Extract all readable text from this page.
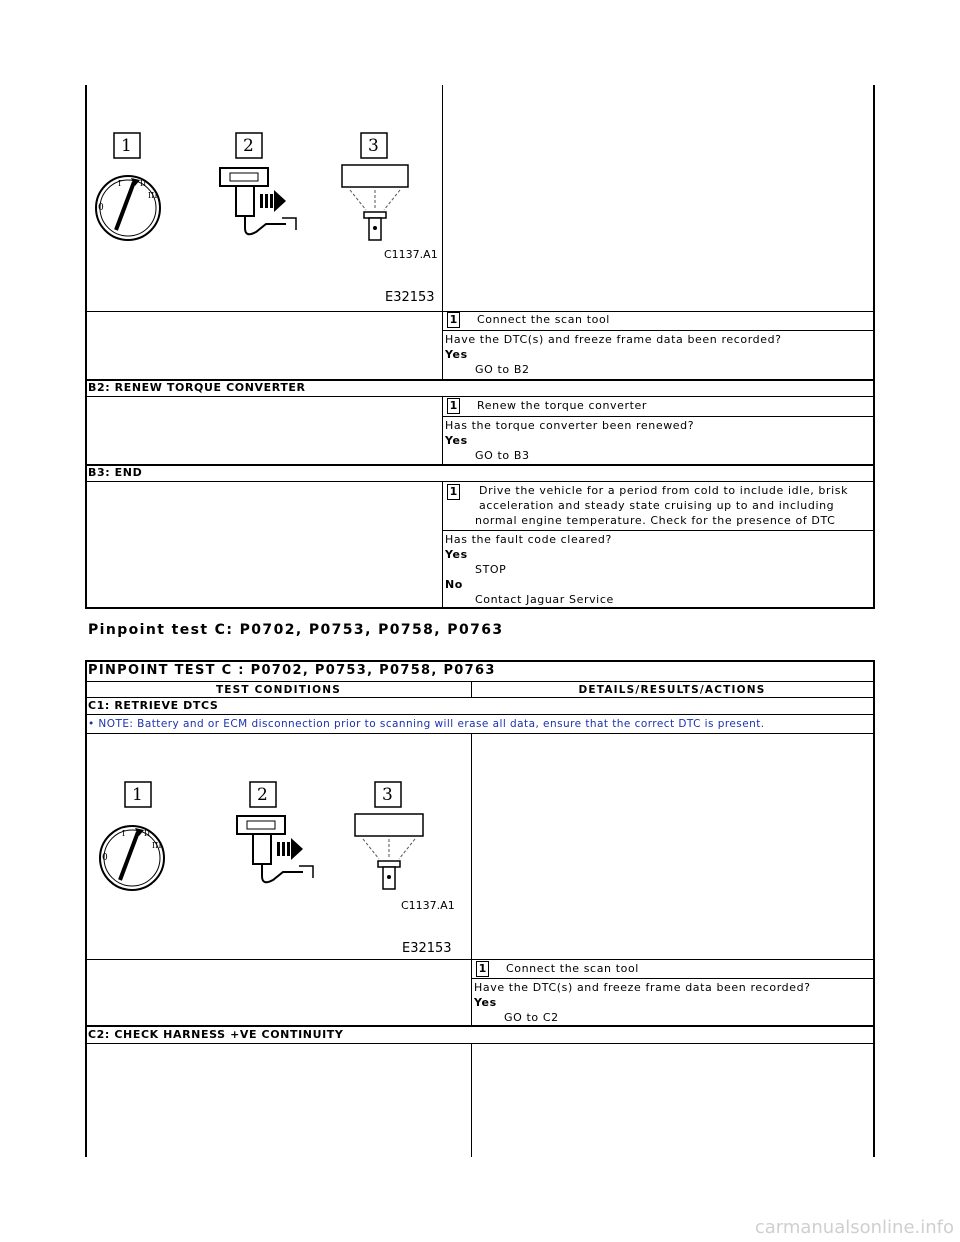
0
I II
III
1	2	3
C1137.A1
E32153
1 Connect the scan tool
Have the DTC(s) and freeze frame data been recorded?
Yes
GO to B2
B2: RENEW TORQUE CONVERTER
1 Renew the torque converter
Has the torque converter been renewed?
Yes
GO to B3
B3: END
1 Drive the vehicle for a period from cold to include idle, brisk
acceleration and steady state cruising up to and including
normal engine temperature. Check for the presence of DTC
Has the fault code cleared?
Yes
STOP
No
Contact Jaguar Service
Pinpoint test C: P0702, P0753, P0758, P0763
PINPOINT TEST C : P0702, P0753, P0758, P0763
TEST CONDITIONS	DETAILS/RESULTS/ACTIONS
C1: RETRIEVE DTCS
• NOTE: Battery and or ECM disconnection prior to scanning will erase all data, ensure that the correct DTC is present.
0
I II
III
1	2	3
C1137.A1
E32153
1 Connect the scan tool
Have the DTC(s) and freeze frame data been recorded?
Yes
GO to C2
C2: CHECK HARNESS +VE CONTINUITY
carmanualsonline.info
